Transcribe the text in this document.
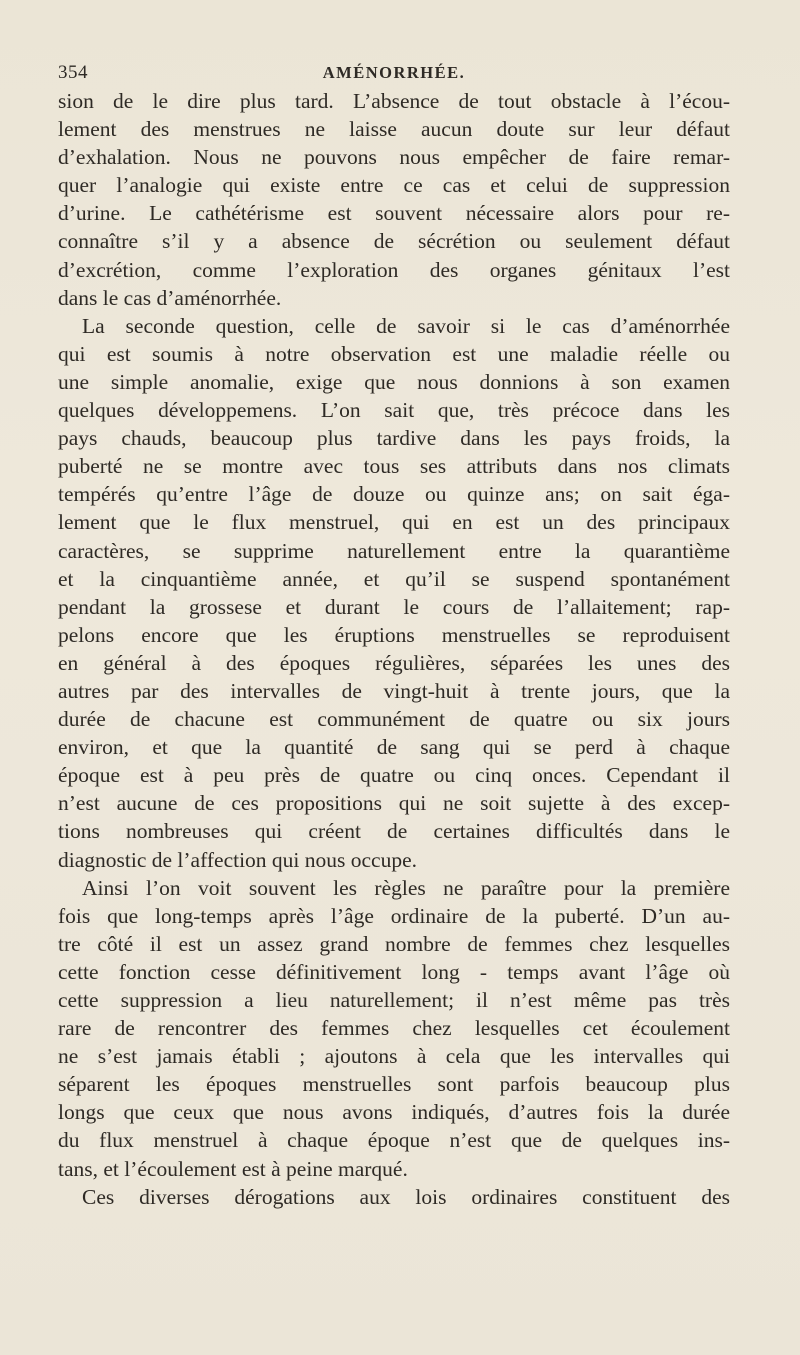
354	AMÉNORRHÉE.
sion de le dire plus tard. L’absence de tout obstacle à l’écou-
lement des menstrues ne laisse aucun doute sur leur défaut
d’exhalation. Nous ne pouvons nous empêcher de faire remar-
quer l’analogie qui existe entre ce cas et celui de suppression
d’urine. Le cathétérisme est souvent nécessaire alors pour re-
connaître s’il y a absence de sécrétion ou seulement défaut
d’excrétion, comme l’exploration des organes génitaux l’est
dans le cas d’aménorrhée.
La seconde question, celle de savoir si le cas d’aménorrhée
qui est soumis à notre observation est une maladie réelle ou
une simple anomalie, exige que nous donnions à son examen
quelques développemens. L’on sait que, très précoce dans les
pays chauds, beaucoup plus tardive dans les pays froids, la
puberté ne se montre avec tous ses attributs dans nos climats
tempérés qu’entre l’âge de douze ou quinze ans; on sait éga-
lement que le flux menstruel, qui en est un des principaux
caractères, se supprime naturellement entre la quarantième
et la cinquantième année, et qu’il se suspend spontanément
pendant la grossese et durant le cours de l’allaitement; rap-
pelons encore que les éruptions menstruelles se reproduisent
en général à des époques régulières, séparées les unes des
autres par des intervalles de vingt-huit à trente jours, que la
durée de chacune est communément de quatre ou six jours
environ, et que la quantité de sang qui se perd à chaque
époque est à peu près de quatre ou cinq onces. Cependant il
n’est aucune de ces propositions qui ne soit sujette à des excep-
tions nombreuses qui créent de certaines difficultés dans le
diagnostic de l’affection qui nous occupe.
Ainsi l’on voit souvent les règles ne paraître pour la première
fois que long-temps après l’âge ordinaire de la puberté. D’un au-
tre côté il est un assez grand nombre de femmes chez lesquelles
cette fonction cesse définitivement long - temps avant l’âge où
cette suppression a lieu naturellement; il n’est même pas très
rare de rencontrer des femmes chez lesquelles cet écoulement
ne s’est jamais établi ; ajoutons à cela que les intervalles qui
séparent les époques menstruelles sont parfois beaucoup plus
longs que ceux que nous avons indiqués, d’autres fois la durée
du flux menstruel à chaque époque n’est que de quelques ins-
tans, et l’écoulement est à peine marqué.
Ces diverses dérogations aux lois ordinaires constituent des
